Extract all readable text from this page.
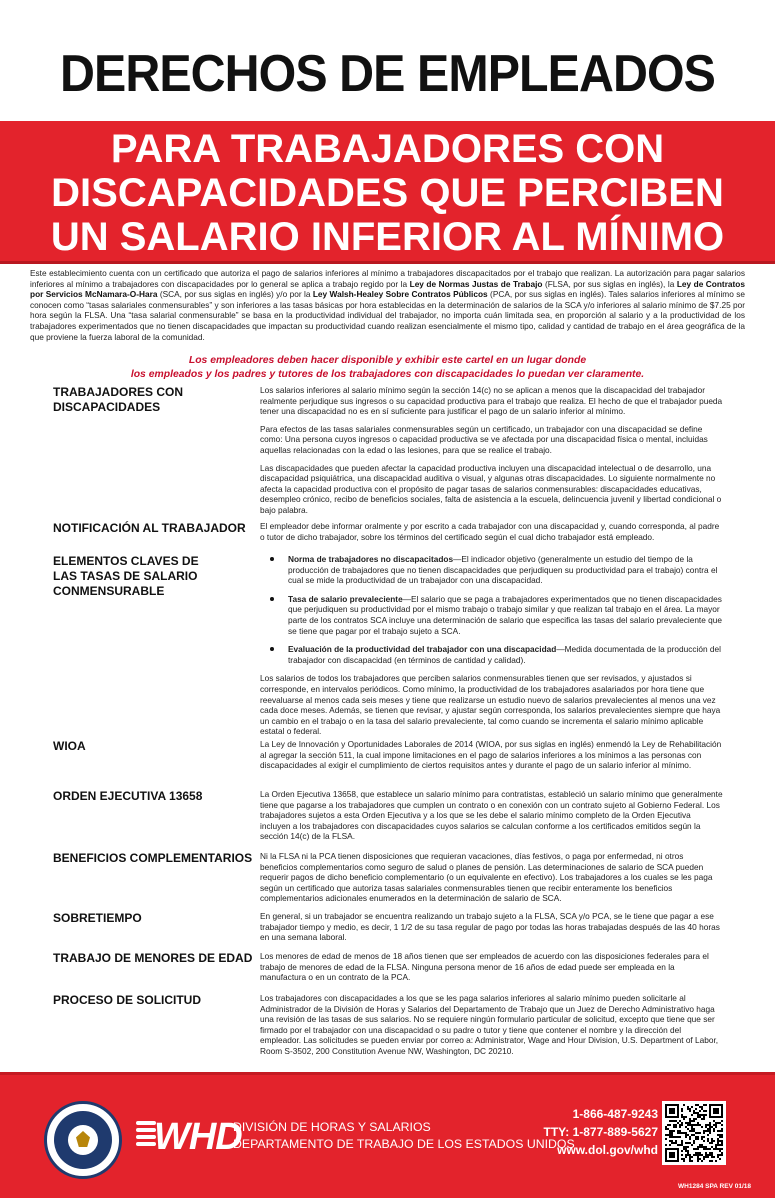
DERECHOS DE EMPLEADOS
PARA TRABAJADORES CON
DISCAPACIDADES QUE PERCIBEN
UN SALARIO INFERIOR AL MÍNIMO
Este establecimiento cuenta con un certificado que autoriza el pago de salarios inferiores al mínimo a trabajadores discapacitados por el trabajo que realizan. La autorización para pagar salarios inferiores al mínimo a trabajadores con discapacidades por lo general se aplica a trabajo regido por la Ley de Normas Justas de Trabajo (FLSA, por sus siglas en inglés), la Ley de Contratos por Servicios McNamara-O-Hara (SCA, por sus siglas en inglés) y/o por la Ley Walsh-Healey Sobre Contratos Públicos (PCA, por sus siglas en inglés). Tales salarios inferiores al mínimo se conocen como “tasas salariales conmensurables” y son inferiores a las tasas básicas por hora establecidas en la determinación de salarios de la SCA y/o inferiores al salario mínimo de $7.25 por hora según la FLSA. Una “tasa salarial conmensurable” se basa en la productividad individual del trabajador, no importa cuán limitada sea, en proporción al salario y a la productividad de los trabajadores experimentados que no tienen discapacidades que impactan su productividad cuando realizan esencialmente el mismo tipo, calidad y cantidad de trabajo en el área geográfica de la que proviene la fuerza laboral de la comunidad.
Los empleadores deben hacer disponible y exhibir este cartel en un lugar donde
los empleados y los padres y tutores de los trabajadores con discapacidades lo puedan ver claramente.
TRABAJADORES CON
DISCAPACIDADES

Los salarios inferiores al salario mínimo según la sección 14(c) no se aplican a menos que la discapacidad del trabajador realmente perjudique sus ingresos o su capacidad productiva para el trabajo que realiza. El hecho de que el trabajador pueda tener una discapacidad no es en sí suficiente para justificar el pago de un salario inferior al mínimo.

Para efectos de las tasas salariales conmensurables según un certificado, un trabajador con una discapacidad se define como: Una persona cuyos ingresos o capacidad productiva se ve afectada por una discapacidad física o mental, incluidas aquellas relacionadas con la edad o las lesiones, para que se realice el trabajo.

Las discapacidades que pueden afectar la capacidad productiva incluyen una discapacidad intelectual o de desarrollo, una discapacidad psiquiátrica, una discapacidad auditiva o visual, y algunas otras discapacidades. Lo siguiente normalmente no afecta la capacidad productiva con el propósito de pagar tasas de salarios conmensurables: discapacidades educativas, desempleo crónico, recibo de beneficios sociales, falta de asistencia a la escuela, delincuencia juvenil y libertad condicional o bajo palabra.

NOTIFICACIÓN AL TRABAJADOR	El empleador debe informar oralmente y por escrito a cada trabajador con una discapacidad y, cuando corresponda, al padre o tutor de dicho trabajador, sobre los términos del certificado según el cual dicho trabajador está empleado.

ELEMENTOS CLAVES DE
LAS TASAS DE SALARIO
CONMENSURABLE
Norma de trabajadores no discapacitados—El indicador objetivo (generalmente un estudio del tiempo de la producción de trabajadores que no tienen discapacidades que perjudiquen su productividad para el trabajo) contra el cual se mide la productividad de un trabajador con una discapacidad.
Tasa de salario prevaleciente—El salario que se paga a trabajadores experimentados que no tienen discapacidades que perjudiquen su productividad por el mismo trabajo o trabajo similar y que realizan tal trabajo en el área. La mayor parte de los contratos SCA incluye una determinación de salario que especifica las tasas del salario prevaleciente que se tiene que pagar por el trabajo sujeto a SCA.
Evaluación de la productividad del trabajador con una discapacidad—Medida documentada de la producción del trabajador con discapacidad (en términos de cantidad y calidad).

Los salarios de todos los trabajadores que perciben salarios conmensurables tienen que ser revisados, y ajustados si corresponde, en intervalos periódicos. Como mínimo, la productividad de los trabajadores asalariados por hora tiene que reevaluarse al menos cada seis meses y tiene que realizarse un estudio nuevo de salarios prevalecientes al menos una vez cada doce meses. Además, se tienen que revisar, y ajustar según corresponda, los salarios prevalecientes siempre que haya un cambio en el trabajo o en la tasa del salario prevaleciente, tal como cuando se incrementa el salario mínimo aplicable estatal o federal.

WIOA	La Ley de Innovación y Oportunidades Laborales de 2014 (WIOA, por sus siglas en inglés) enmendó la Ley de Rehabilitación al agregar la sección 511, la cual impone limitaciones en el pago de salarios inferiores a los mínimos a las personas con discapacidades al exigir el cumplimiento de ciertos requisitos antes y durante el pago de un salario inferior al mínimo.

ORDEN EJECUTIVA 13658	La Orden Ejecutiva 13658, que establece un salario mínimo para contratistas, estableció un salario mínimo que generalmente tiene que pagarse a los trabajadores que cumplen un contrato o en conexión con un contrato sujeto al Gobierno Federal. Los trabajadores sujetos a esta Orden Ejecutiva y a los que se les debe el salario mínimo completo de la Orden Ejecutiva incluyen a los trabajadores con discapacidades cuyos salarios se calculan conforme a los certificados emitidos según la sección 14(c) de la FLSA.

BENEFICIOS COMPLEMENTARIOS Ni la FLSA ni la PCA tienen disposiciones que requieran vacaciones, días festivos, o paga por enfermedad, ni otros beneficios complementarios como seguro de salud o planes de pensión. Las determinaciones de salario de SCA pueden requerir pagos de dicho beneficio complementario (o un equivalente en efectivo). Los trabajadores a los cuales se les paga según un certificado que autoriza tasas salariales conmensurables tienen que recibir enteramente los beneficios complementarios adicionales enumerados en la determinación de salario de SCA.

SOBRETIEMPO	En general, si un trabajador se encuentra realizando un trabajo sujeto a la FLSA, SCA y/o PCA, se le tiene que pagar a ese trabajador tiempo y medio, es decir, 1 1/2 de su tasa regular de pago por todas las horas trabajadas después de las 40 horas en una semana laboral.

TRABAJO DE MENORES DE EDAD Los menores de edad de menos de 18 años tienen que ser empleados de acuerdo con las disposiciones federales para el trabajo de menores de edad de la FLSA. Ninguna persona menor de 16 años de edad puede ser empleada en la manufactura o en un contrato de la PCA.

PROCESO DE SOLICITUD	Los trabajadores con discapacidades a los que se les paga salarios inferiores al salario mínimo pueden solicitarle al Administrador de la División de Horas y Salarios del Departamento de Trabajo que un Juez de Derecho Administrativo haga una revisión de las tasas de sus salarios. No se requiere ningún formulario particular de solicitud, excepto que tiene que ser firmado por el trabajador con una discapacidad o su padre o tutor y tiene que contener el nombre y la dirección del empleador. Las solicitudes se pueden enviar por correo a: Administrator, Wage and Hour Division, U.S. Department of Labor, Room S-3502, 200 Constitution Avenue NW, Washington, DC 20210.

WHD
DIVISIÓN DE HORAS Y SALARIOS
DEPARTAMENTO DE TRABAJO DE LOS ESTADOS UNIDOS
1-866-487-9243
TTY: 1-877-889-5627
www.dol.gov/whd
WH1284 SPA REV 01/18
